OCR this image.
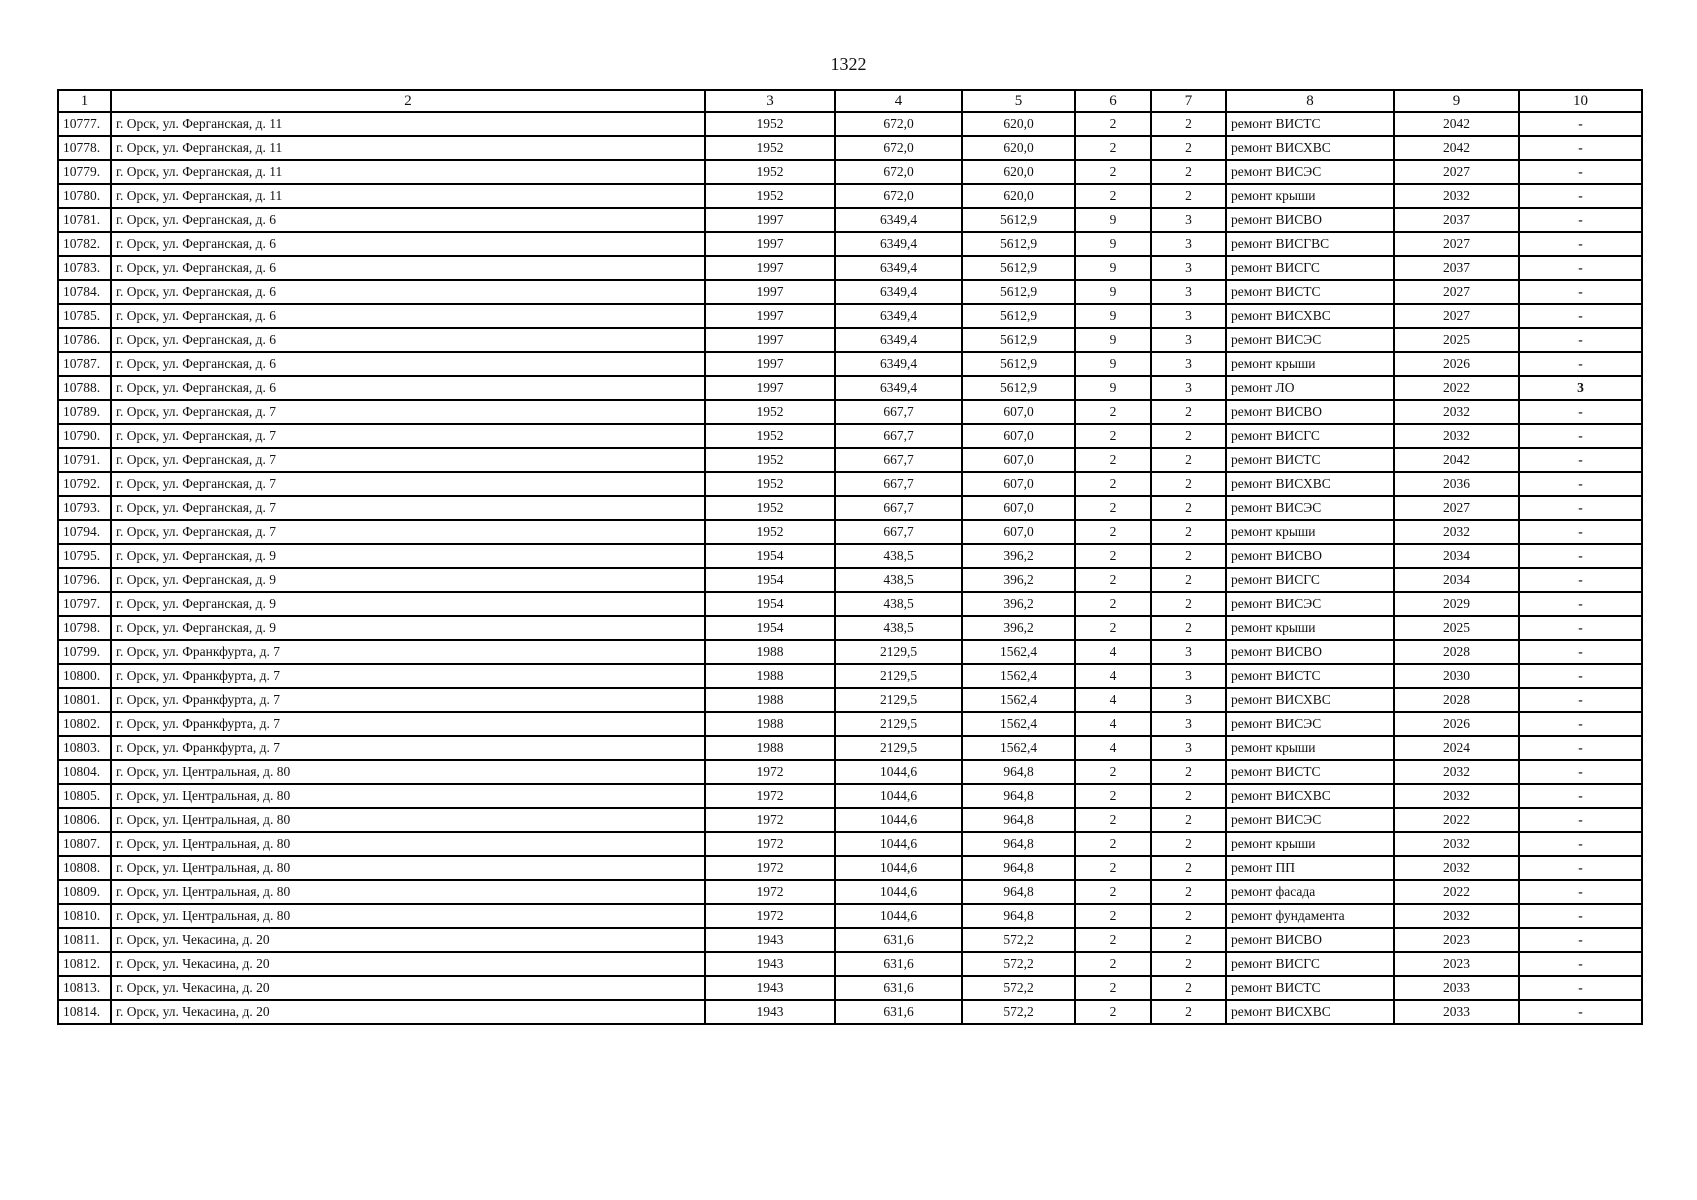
1322
1	2	3	4	5	6	7	8	9	10
10777.	г. Орск, ул. Ферганская, д. 11	1952	672,0	620,0	2	2	ремонт ВИСТС	2042	-
10778.	г. Орск, ул. Ферганская, д. 11	1952	672,0	620,0	2	2	ремонт ВИСХВС	2042	-
10779.	г. Орск, ул. Ферганская, д. 11	1952	672,0	620,0	2	2	ремонт ВИСЭС	2027	-
10780.	г. Орск, ул. Ферганская, д. 11	1952	672,0	620,0	2	2	ремонт крыши	2032	-
10781.	г. Орск, ул. Ферганская, д. 6	1997	6349,4	5612,9	9	3	ремонт ВИСВО	2037	-
10782.	г. Орск, ул. Ферганская, д. 6	1997	6349,4	5612,9	9	3	ремонт ВИСГВС	2027	-
10783.	г. Орск, ул. Ферганская, д. 6	1997	6349,4	5612,9	9	3	ремонт ВИСГС	2037	-
10784.	г. Орск, ул. Ферганская, д. 6	1997	6349,4	5612,9	9	3	ремонт ВИСТС	2027	-
10785.	г. Орск, ул. Ферганская, д. 6	1997	6349,4	5612,9	9	3	ремонт ВИСХВС	2027	-
10786.	г. Орск, ул. Ферганская, д. 6	1997	6349,4	5612,9	9	3	ремонт ВИСЭС	2025	-
10787.	г. Орск, ул. Ферганская, д. 6	1997	6349,4	5612,9	9	3	ремонт крыши	2026	-
10788.	г. Орск, ул. Ферганская, д. 6	1997	6349,4	5612,9	9	3	ремонт ЛО	2022	3
10789.	г. Орск, ул. Ферганская, д. 7	1952	667,7	607,0	2	2	ремонт ВИСВО	2032	-
10790.	г. Орск, ул. Ферганская, д. 7	1952	667,7	607,0	2	2	ремонт ВИСГС	2032	-
10791.	г. Орск, ул. Ферганская, д. 7	1952	667,7	607,0	2	2	ремонт ВИСТС	2042	-
10792.	г. Орск, ул. Ферганская, д. 7	1952	667,7	607,0	2	2	ремонт ВИСХВС	2036	-
10793.	г. Орск, ул. Ферганская, д. 7	1952	667,7	607,0	2	2	ремонт ВИСЭС	2027	-
10794.	г. Орск, ул. Ферганская, д. 7	1952	667,7	607,0	2	2	ремонт крыши	2032	-
10795.	г. Орск, ул. Ферганская, д. 9	1954	438,5	396,2	2	2	ремонт ВИСВО	2034	-
10796.	г. Орск, ул. Ферганская, д. 9	1954	438,5	396,2	2	2	ремонт ВИСГС	2034	-
10797.	г. Орск, ул. Ферганская, д. 9	1954	438,5	396,2	2	2	ремонт ВИСЭС	2029	-
10798.	г. Орск, ул. Ферганская, д. 9	1954	438,5	396,2	2	2	ремонт крыши	2025	-
10799.	г. Орск, ул. Франкфурта, д. 7	1988	2129,5	1562,4	4	3	ремонт ВИСВО	2028	-
10800.	г. Орск, ул. Франкфурта, д. 7	1988	2129,5	1562,4	4	3	ремонт ВИСТС	2030	-
10801.	г. Орск, ул. Франкфурта, д. 7	1988	2129,5	1562,4	4	3	ремонт ВИСХВС	2028	-
10802.	г. Орск, ул. Франкфурта, д. 7	1988	2129,5	1562,4	4	3	ремонт ВИСЭС	2026	-
10803.	г. Орск, ул. Франкфурта, д. 7	1988	2129,5	1562,4	4	3	ремонт крыши	2024	-
10804.	г. Орск, ул. Центральная, д. 80	1972	1044,6	964,8	2	2	ремонт ВИСТС	2032	-
10805.	г. Орск, ул. Центральная, д. 80	1972	1044,6	964,8	2	2	ремонт ВИСХВС	2032	-
10806.	г. Орск, ул. Центральная, д. 80	1972	1044,6	964,8	2	2	ремонт ВИСЭС	2022	-
10807.	г. Орск, ул. Центральная, д. 80	1972	1044,6	964,8	2	2	ремонт крыши	2032	-
10808.	г. Орск, ул. Центральная, д. 80	1972	1044,6	964,8	2	2	ремонт ПП	2032	-
10809.	г. Орск, ул. Центральная, д. 80	1972	1044,6	964,8	2	2	ремонт фасада	2022	-
10810.	г. Орск, ул. Центральная, д. 80	1972	1044,6	964,8	2	2	ремонт фундамента	2032	-
10811.	г. Орск, ул. Чекасина, д. 20	1943	631,6	572,2	2	2	ремонт ВИСВО	2023	-
10812.	г. Орск, ул. Чекасина, д. 20	1943	631,6	572,2	2	2	ремонт ВИСГС	2023	-
10813.	г. Орск, ул. Чекасина, д. 20	1943	631,6	572,2	2	2	ремонт ВИСТС	2033	-
10814.	г. Орск, ул. Чекасина, д. 20	1943	631,6	572,2	2	2	ремонт ВИСХВС	2033	-
